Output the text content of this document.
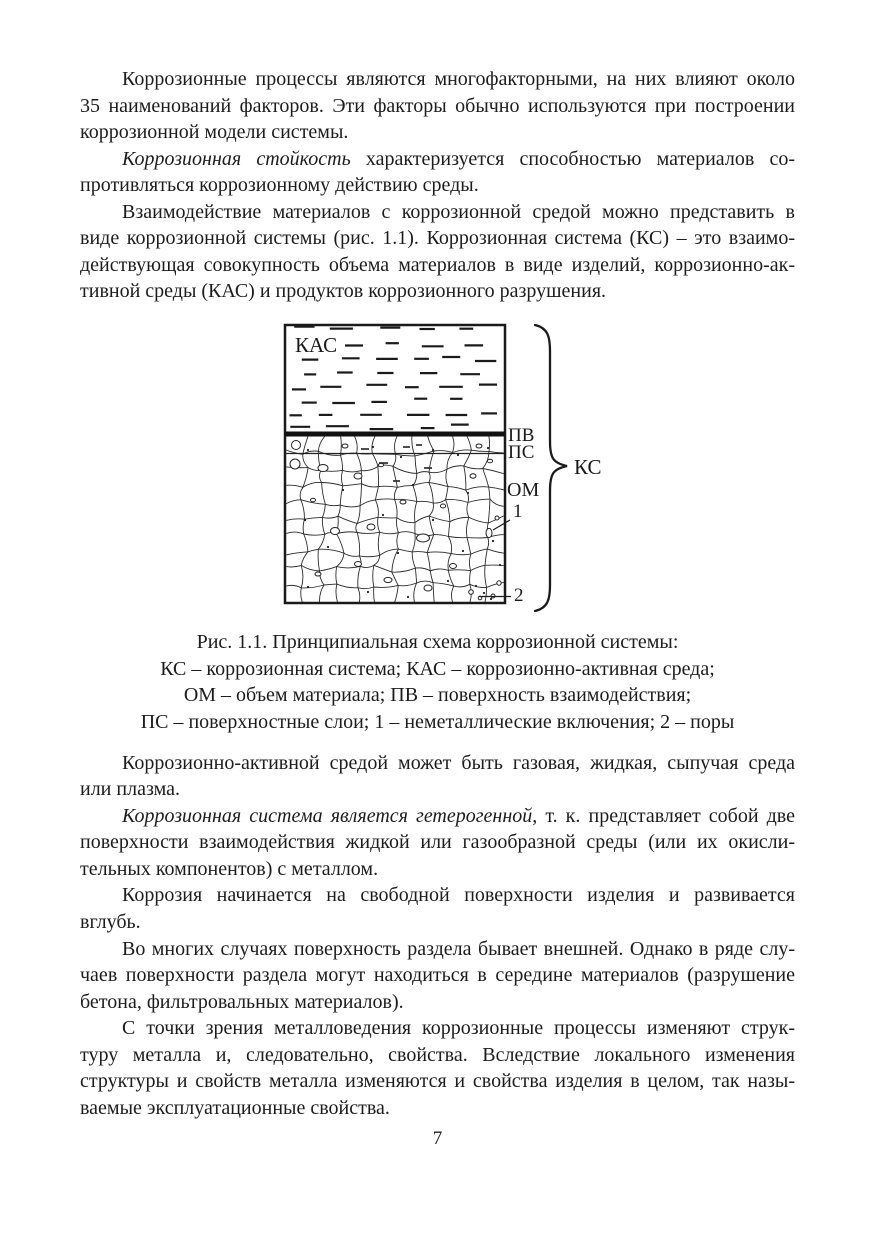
Коррозионные процессы являются многофакторными, на них влияют около
35 наименований факторов. Эти факторы обычно используются при построении
коррозионной модели системы.
Коррозионная стойкость характеризуется способностью материалов со-
противляться коррозионному действию среды.
Взаимодействие материалов с коррозионной средой можно представить в
виде коррозионной системы (рис. 1.1). Коррозионная система (КС) – это взаимо-
действующая совокупность объема материалов в виде изделий, коррозионно-ак-
тивной среды (КАС) и продуктов коррозионного разрушения.
КАС
ПВ
ПС
ОМ
1
2
КС
Рис. 1.1. Принципиальная схема коррозионной системы:
КС – коррозионная система; КАС – коррозионно-активная среда;
ОМ – объем материала; ПВ – поверхность взаимодействия;
ПС – поверхностные слои; 1 – неметаллические включения; 2 – поры
Коррозионно-активной средой может быть газовая, жидкая, сыпучая среда
или плазма.
Коррозионная система является гетерогенной, т. к. представляет собой две
поверхности взаимодействия жидкой или газообразной среды (или их окисли-
тельных компонентов) с металлом.
Коррозия начинается на свободной поверхности изделия и развивается
вглубь.
Во многих случаях поверхность раздела бывает внешней. Однако в ряде слу-
чаев поверхности раздела могут находиться в середине материалов (разрушение
бетона, фильтровальных материалов).
С точки зрения металловедения коррозионные процессы изменяют струк-
туру металла и, следовательно, свойства. Вследствие локального изменения
структуры и свойств металла изменяются и свойства изделия в целом, так назы-
ваемые эксплуатационные свойства.
7
